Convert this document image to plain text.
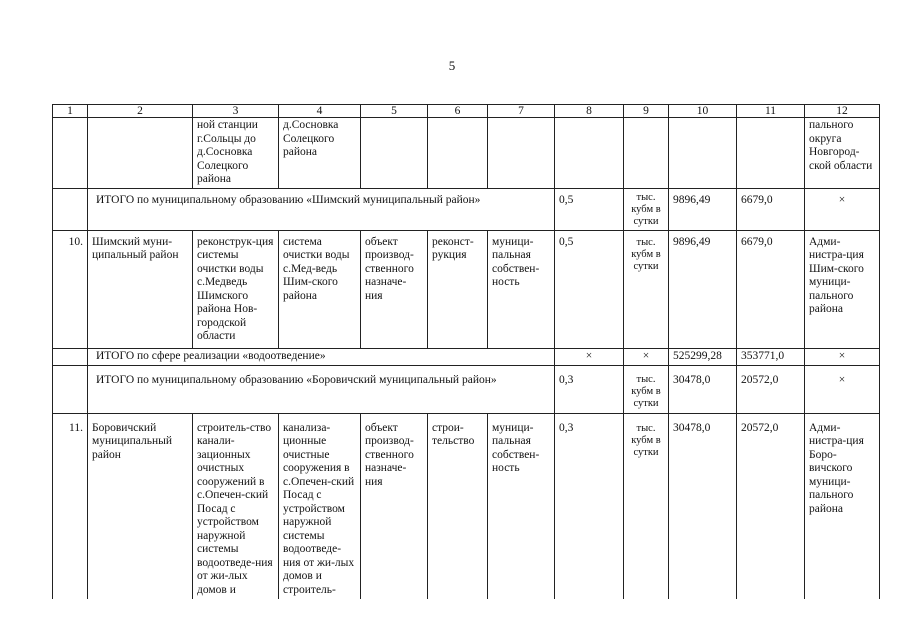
5
1	2	3	4	5	6	7	8	9	10	11	12
		ной станции г.Сольцы до д.Сосновка Солецкого района	д.Сосновка Солецкого района								пального округа Новгород-ской области
	ИТОГО по муниципальному образованию «Шимский муниципальный район»						0,5	тыс. кубм в сутки	9896,49	6679,0	×
10.	Шимский муни-ципальный район	реконструк-ция системы очистки воды с.Медведь Шимского района Нов-городской области	система очистки воды с.Мед-ведь Шим-ского района	объект производ-ственного назначе-ния	реконст-рукция	муници-пальная собствен-ность	0,5	тыс. кубм в сутки	9896,49	6679,0	Адми-нистра-ция Шим-ского муници-пального района
	ИТОГО по сфере реализации «водоотведение»						×	×	525299,28	353771,0	×
	ИТОГО по муниципальному образованию «Боровичский муниципальный район»						0,3	тыс. кубм в сутки	30478,0	20572,0	×
11.	Боровичский муниципальный район	строитель-ство канали-зационных очистных сооружений в с.Опечен-ский Посад с устройством наружной системы водоотведе-ния от жи-лых домов и	канализа-ционные очистные сооружения в с.Опечен-ский Посад с устройством наружной системы водоотведе-ния от жи-лых домов и строитель-	объект производ-ственного назначе-ния	строи-тельство	муници-пальная собствен-ность	0,3	тыс. кубм в сутки	30478,0	20572,0	Адми-нистра-ция Боро-вичского муници-пального района
